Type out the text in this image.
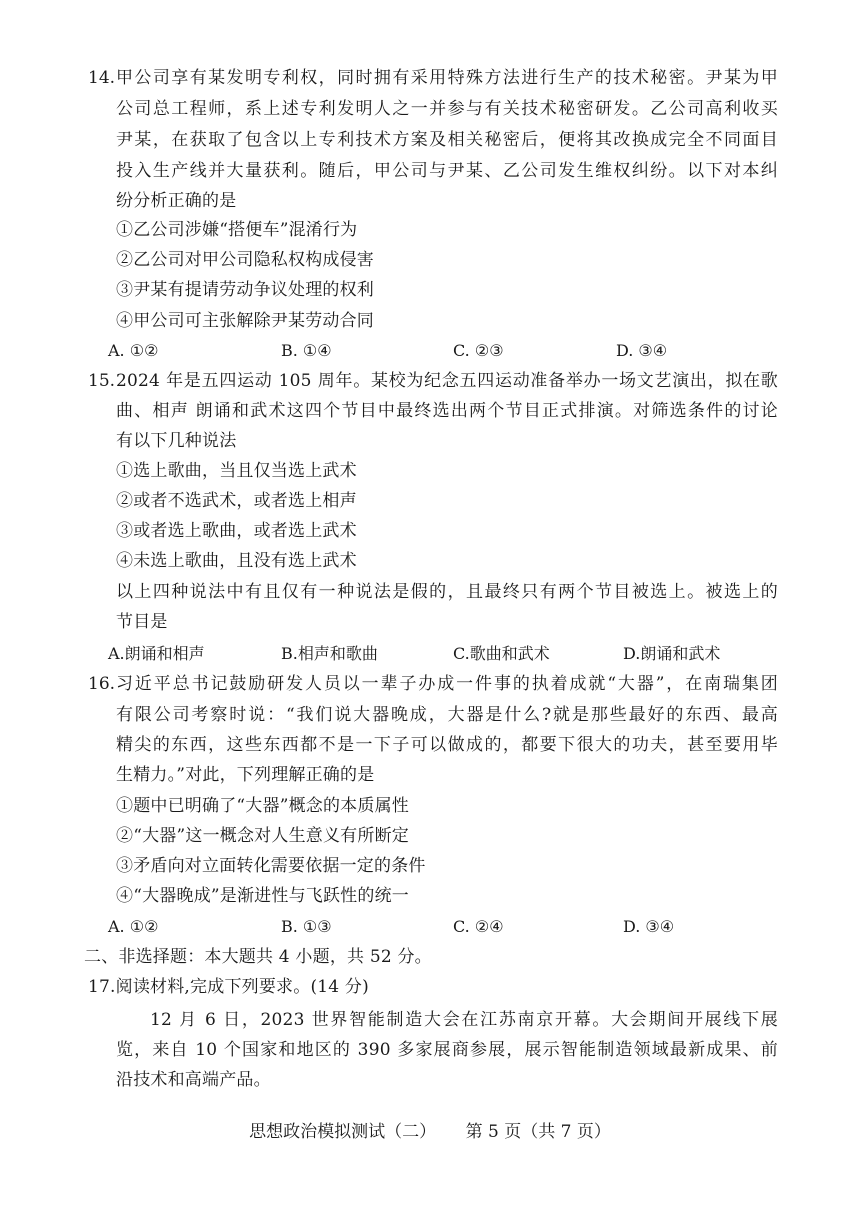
14. 甲公司享有某发明专利权，同时拥有采用特殊方法进行生产的技术秘密。尹某为甲
公司总工程师，系上述专利发明人之一并参与有关技术秘密研发。乙公司高利收买
尹某，在获取了包含以上专利技术方案及相关秘密后，便将其改换成完全不同面目
投入生产线并大量获利。随后，甲公司与尹某、乙公司发生维权纠纷。以下对本纠
纷分析正确的是
①乙公司涉嫌“搭便车”混淆行为
②乙公司对甲公司隐私权构成侵害
③尹某有提请劳动争议处理的权利
④甲公司可主张解除尹某劳动合同
A. ①②	B. ①④	C. ②③	D. ③④
15. 2024 年是五四运动 105 周年。某校为纪念五四运动准备举办一场文艺演出，拟在歌
曲、相声 朗诵和武术这四个节目中最终选出两个节目正式排演。对筛选条件的讨论
有以下几种说法
①选上歌曲，当且仅当选上武术
②或者不选武术，或者选上相声
③或者选上歌曲，或者选上武术
④未选上歌曲，且没有选上武术
以上四种说法中有且仅有一种说法是假的，且最终只有两个节目被选上。被选上的
节目是
A.朗诵和相声	B.相声和歌曲	C.歌曲和武术	D.朗诵和武术
16. 习近平总书记鼓励研发人员以一辈子办成一件事的执着成就“大器”，在南瑞集团
有限公司考察时说：“我们说大器晚成，大器是什么?就是那些最好的东西、最高
精尖的东西，这些东西都不是一下子可以做成的，都要下很大的功夫，甚至要用毕
生精力。”对此，下列理解正确的是
①题中已明确了“大器”概念的本质属性
②“大器”这一概念对人生意义有所断定
③矛盾向对立面转化需要依据一定的条件
④“大器晚成”是渐进性与飞跃性的统一
A. ①②	B. ①③	C. ②④	D. ③④
二、非选择题：本大题共 4 小题，共 52 分。
17.阅读材料,完成下列要求。(14 分)
12 月 6 日，2023 世界智能制造大会在江苏南京开幕。大会期间开展线下展
览，来自 10 个国家和地区的 390 多家展商参展，展示智能制造领域最新成果、前
沿技术和高端产品。
思想政治模拟测试（二） 第 5 页（共 7 页）
